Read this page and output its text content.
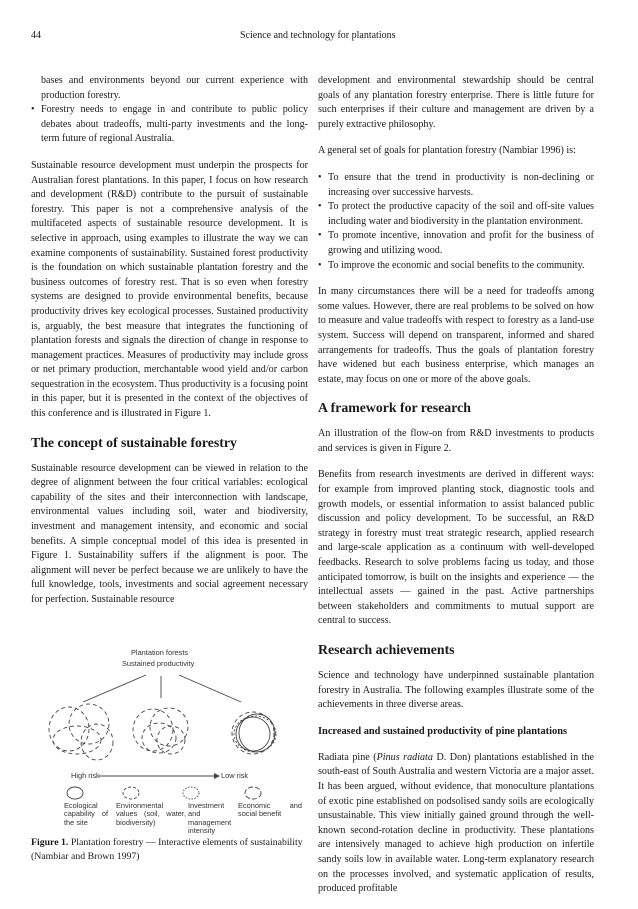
44	Science and technology for plantations
bases and environments beyond our current experience with production forestry.
• Forestry needs to engage in and contribute to public policy debates about tradeoffs, multi-party investments and the long-term future of regional Australia.

Sustainable resource development must underpin the prospects for Australian forest plantations. In this paper, I focus on how research and development (R&D) contribute to the pursuit of sustainable forestry. This paper is not a comprehensive analysis of the multifaceted aspects of sustainable resource development. It is selective in approach, using examples to illustrate the way we can examine components of sustainability. Sustained forest productivity is the foundation on which sustainable plantation forestry and the business outcomes of forestry rest. That is so even when forestry systems are designed to provide environmental benefits, because productivity drives key ecological processes. Sustained productivity is, arguably, the best measure that integrates the functioning of plantation forests and signals the direction of change in response to management practices. Measures of productivity may include gross or net primary production, merchantable wood yield and/or carbon sequestration in the ecosystem. Thus productivity is a focusing point in this paper, but it is presented in the context of the objectives of this conference and is illustrated in Figure 1.

The concept of sustainable forestry

Sustainable resource development can be viewed in relation to the degree of alignment between the four critical variables: ecological capability of the sites and their interconnection with landscape, environmental values including soil, water and biodiversity, investment and management intensity, and economic and social benefits. A simple conceptual model of this idea is presented in Figure 1. Sustainability suffers if the alignment is poor. The alignment will never be perfect because we are unlikely to have the full knowledge, tools, investments and social agreement necessary for perfection. Sustainable resource

Plantation forests
Sustained productivity
High risk	Low risk
Ecological capability of the site
Environmental values (soil, water, biodiversity)
Investment and management intensity
Economic and social benefit
Figure 1. Plantation forestry — Interactive elements of sustainability (Nambiar and Brown 1997)

development and environmental stewardship should be central goals of any plantation forestry enterprise. There is little future for such enterprises if their culture and management are driven by a purely extractive philosophy.

A general set of goals for plantation forestry (Nambiar 1996) is:

• To ensure that the trend in productivity is non-declining or increasing over successive harvests.
• To protect the productive capacity of the soil and off-site values including water and biodiversity in the plantation environment.
• To promote incentive, innovation and profit for the business of growing and utilizing wood.
• To improve the economic and social benefits to the community.

In many circumstances there will be a need for tradeoffs among some values. However, there are real problems to be solved on how to measure and value tradeoffs with respect to forestry as a land-use system. Success will depend on transparent, informed and shared arrangements for tradeoffs. Thus the goals of plantation forestry have widened but each business enterprise, which manages an estate, may focus on one or more of the above goals.

A framework for research

An illustration of the flow-on from R&D investments to products and services is given in Figure 2.

Benefits from research investments are derived in different ways: for example from improved planting stock, diagnostic tools and growth models, or essential information to assist balanced public discussion and policy development. To be successful, an R&D strategy in forestry must treat strategic research, applied research and large-scale application as a continuum with well-developed feedbacks. Research to solve problems facing us today, and those anticipated tomorrow, is built on the insights and experience — the intellectual assets — gained in the past. Active partnerships between stakeholders and commitments to mutual support are central to success.

Research achievements

Science and technology have underpinned sustainable plantation forestry in Australia. The following examples illustrate some of the achievements in three diverse areas.

Increased and sustained productivity of pine plantations

Radiata pine (Pinus radiata D. Don) plantations established in the south-east of South Australia and western Victoria are a major asset. It has been argued, without evidence, that monoculture plantations of exotic pine established on podsolised sandy soils are ecologically unsustainable. This view initially gained ground through the well-known second-rotation decline in productivity. These plantations are intensively managed to achieve high production on infertile sandy soils low in available water. Long-term explanatory research on the processes involved, and systematic application of results, produced profitable
